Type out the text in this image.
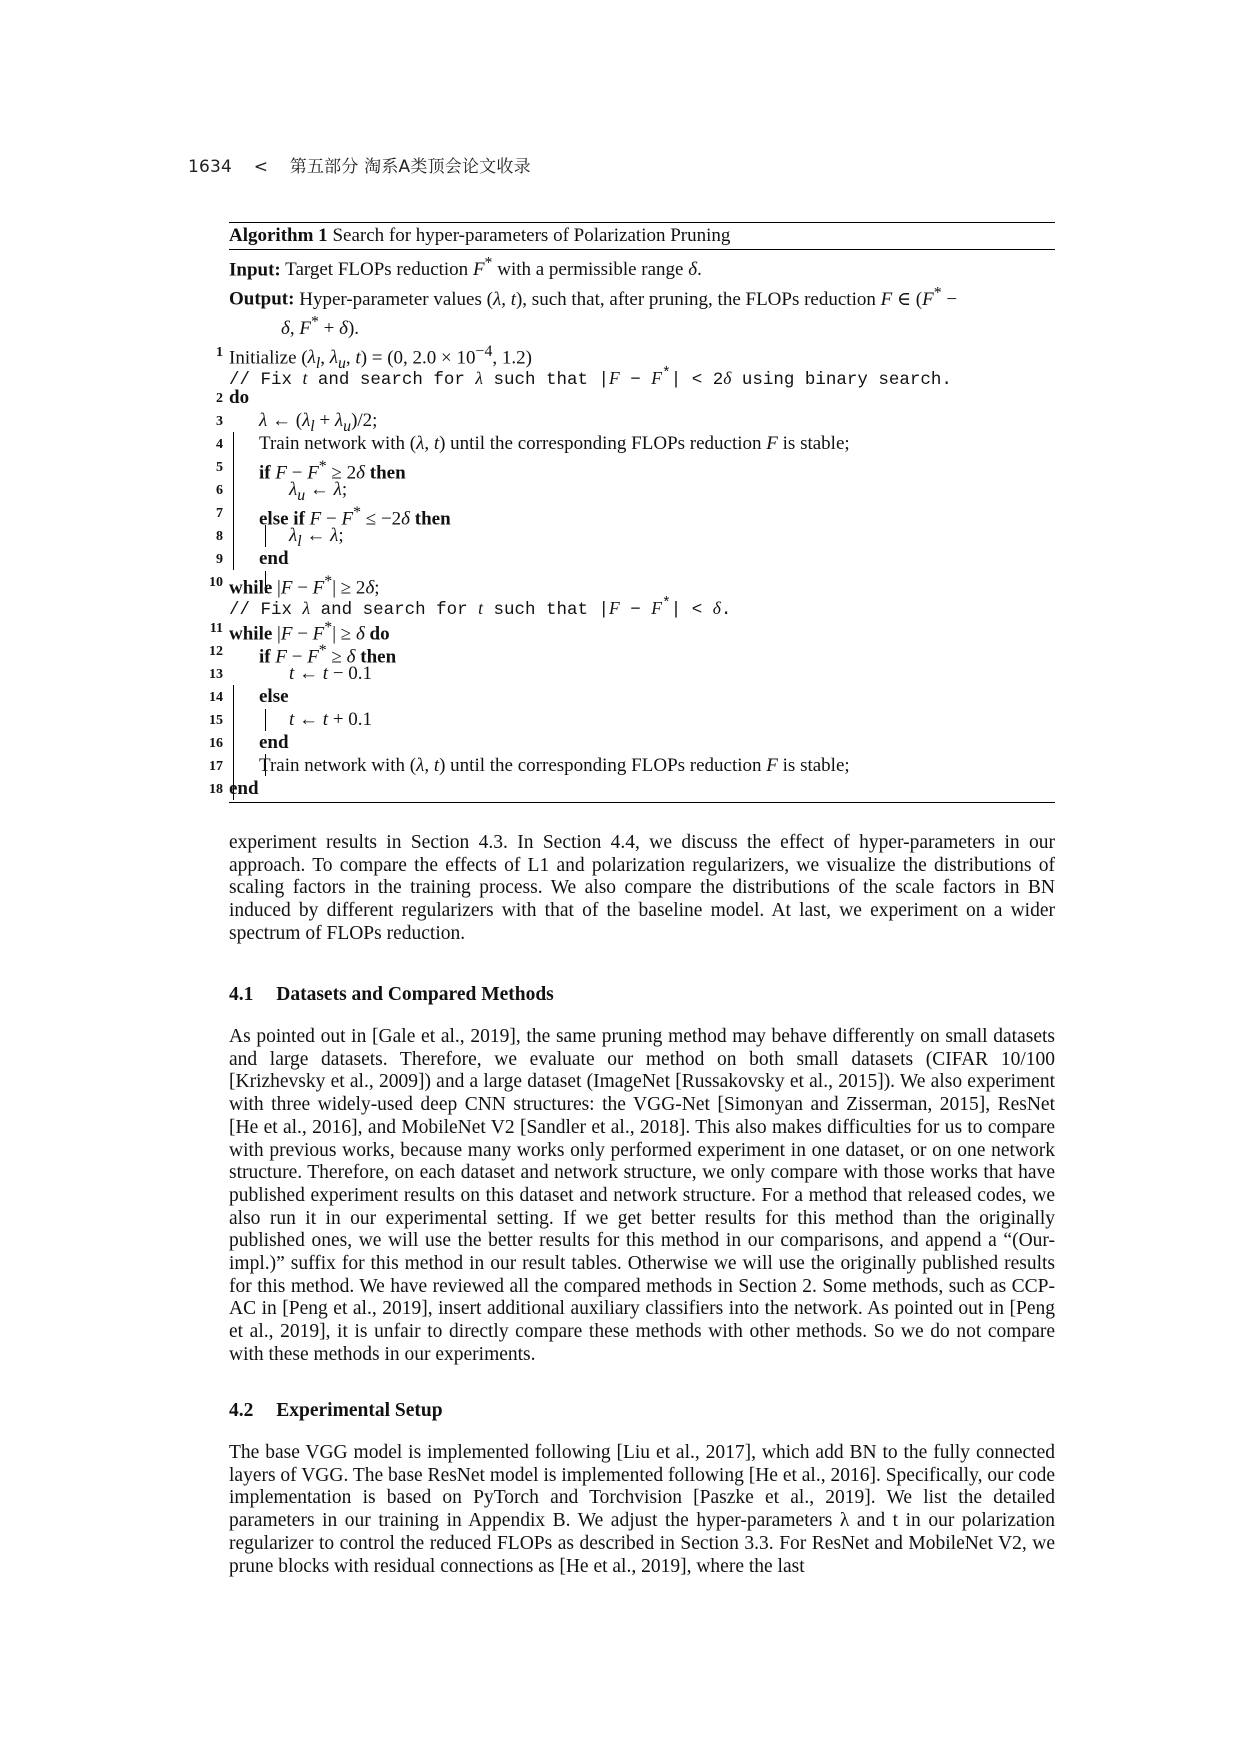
1634 < 第五部分 淘系A类顶会论文收录
Algorithm 1 Search for hyper-parameters of Polarization Pruning
Input: Target FLOPs reduction F* with a permissible range δ.
Output: Hyper-parameter values (λ, t), such that, after pruning, the FLOPs reduction F ∈ (F* −
δ, F* + δ).
1 Initialize ($\lambda_l$, $\lambda_u$, t) = (0, $2.0 \times 10^{-4}$, 1.2)
// Fix t and search for λ such that |F − F*| < 2δ using binary search.
2 do
3 λ ← $(\lambda_l + \lambda_u)/2$;
4 Train network with (λ, t) until the corresponding FLOPs reduction F is stable;
5 if F − F* ≥ 2δ then
6	$\lambda_u$ ← λ;
7 else if F − F* ≤ −2δ then
8	$\lambda_l$ ← λ;
9 end
10 while |F − F*| ≥ 2δ;
// Fix λ and search for t such that |F − F*| < δ.
11 while |F − F*| ≥ δ do
12 if F − F* ≥ δ then
13	t ← t − 0.1
14 else
15	t ← t + 0.1
16 end
17 Train network with (λ, t) until the corresponding FLOPs reduction F is stable;
18 end

experiment results in Section 4.3. In Section 4.4, we discuss the effect of hyper-parameters in our approach. To compare the effects of L1 and polarization regularizers, we visualize the distributions of scaling factors in the training process. We also compare the distributions of the scale factors in BN induced by different regularizers with that of the baseline model. At last, we experiment on a wider spectrum of FLOPs reduction.

4.1 Datasets and Compared Methods

As pointed out in [Gale et al., 2019], the same pruning method may behave differently on small datasets and large datasets. Therefore, we evaluate our method on both small datasets (CIFAR 10/100 [Krizhevsky et al., 2009]) and a large dataset (ImageNet [Russakovsky et al., 2015]). We also experiment with three widely-used deep CNN structures: the VGG-Net [Simonyan and Zisserman, 2015], ResNet [He et al., 2016], and MobileNet V2 [Sandler et al., 2018]. This also makes difficulties for us to compare with previous works, because many works only performed experiment in one dataset, or on one network structure. Therefore, on each dataset and network structure, we only compare with those works that have published experiment results on this dataset and network structure. For a method that released codes, we also run it in our experimental setting. If we get better results for this method than the originally published ones, we will use the better results for this method in our comparisons, and append a “(Our-impl.)” suffix for this method in our result tables. Otherwise we will use the originally published results for this method. We have reviewed all the compared methods in Section 2. Some methods, such as CCP-AC in [Peng et al., 2019], insert additional auxiliary classifiers into the network. As pointed out in [Peng et al., 2019], it is unfair to directly compare these methods with other methods. So we do not compare with these methods in our experiments.

4.2 Experimental Setup

The base VGG model is implemented following [Liu et al., 2017], which add BN to the fully connected layers of VGG. The base ResNet model is implemented following [He et al., 2016]. Specifically, our code implementation is based on PyTorch and Torchvision [Paszke et al., 2019]. We list the detailed parameters in our training in Appendix B. We adjust the hyper-parameters λ and t in our polarization regularizer to control the reduced FLOPs as described in Section 3.3. For ResNet and MobileNet V2, we prune blocks with residual connections as [He et al., 2019], where the last
